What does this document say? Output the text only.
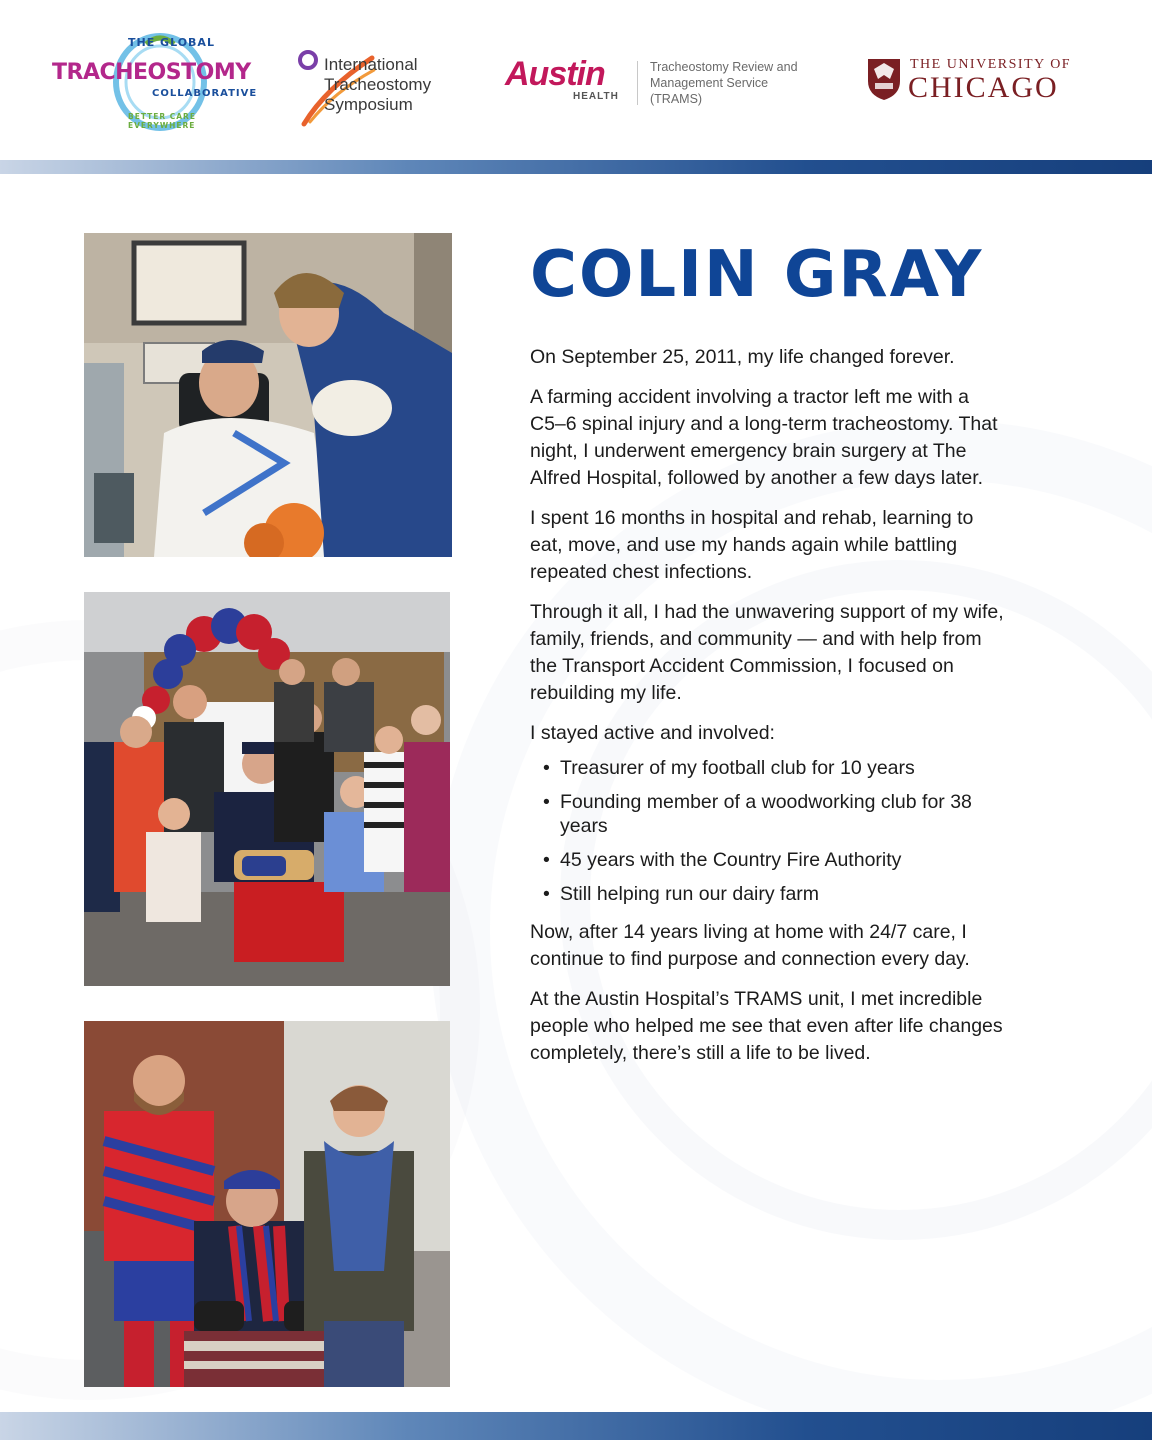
THE GLOBAL
TRACHEOSTOMY
COLLABORATIVE
BETTER CARE EVERYWHERE
International
Tracheostomy
Symposium
Austin
HEALTH
Tracheostomy Review and
Management Service
(TRAMS)
THE UNIVERSITY OF
CHICAGO
COLIN GRAY

On September 25, 2011, my life changed forever.

A farming accident involving a tractor left me with a C5–6 spinal injury and a long-term tracheostomy. That night, I underwent emergency brain surgery at The Alfred Hospital, followed by another a few days later.

I spent 16 months in hospital and rehab, learning to eat, move, and use my hands again while battling repeated chest infections.

Through it all, I had the unwavering support of my wife, family, friends, and community — and with help from the Transport Accident Commission, I focused on rebuilding my life.

I stayed active and involved:

• Treasurer of my football club for 10 years
• Founding member of a woodworking club for 38 years
• 45 years with the Country Fire Authority
• Still helping run our dairy farm

Now, after 14 years living at home with 24/7 care, I continue to find purpose and connection every day.

At the Austin Hospital’s TRAMS unit, I met incredible people who helped me see that even after life changes completely, there’s still a life to be lived.
